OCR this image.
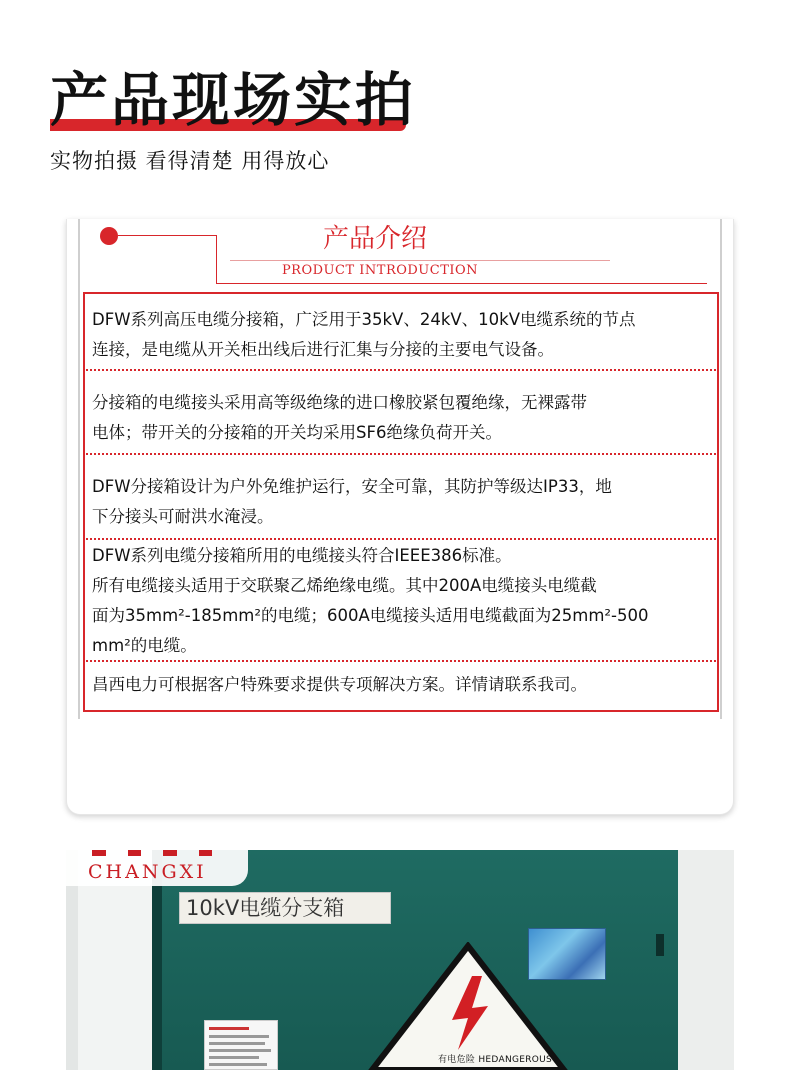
产品现场实拍
实物拍摄 看得清楚 用得放心
产品介绍
PRODUCT INTRODUCTION
DFW系列高压电缆分接箱，广泛用于35kV、24kV、10kV电缆系统的节点
连接，是电缆从开关柜出线后进行汇集与分接的主要电气设备。
分接箱的电缆接头采用高等级绝缘的进口橡胶紧包覆绝缘，无裸露带
电体；带开关的分接箱的开关均采用SF6绝缘负荷开关。
DFW分接箱设计为户外免维护运行，安全可靠，其防护等级达IP33，地
下分接头可耐洪水淹浸。
DFW系列电缆分接箱所用的电缆接头符合IEEE386标准。
所有电缆接头适用于交联聚乙烯绝缘电缆。其中200A电缆接头电缆截
面为35mm²-185mm²的电缆；600A电缆接头适用电缆截面为25mm²-500
mm²的电缆。
昌西电力可根据客户特殊要求提供专项解决方案。详情请联系我司。
CHANGXI
10kV电缆分支箱
有电危险 HEDANGEROUS
